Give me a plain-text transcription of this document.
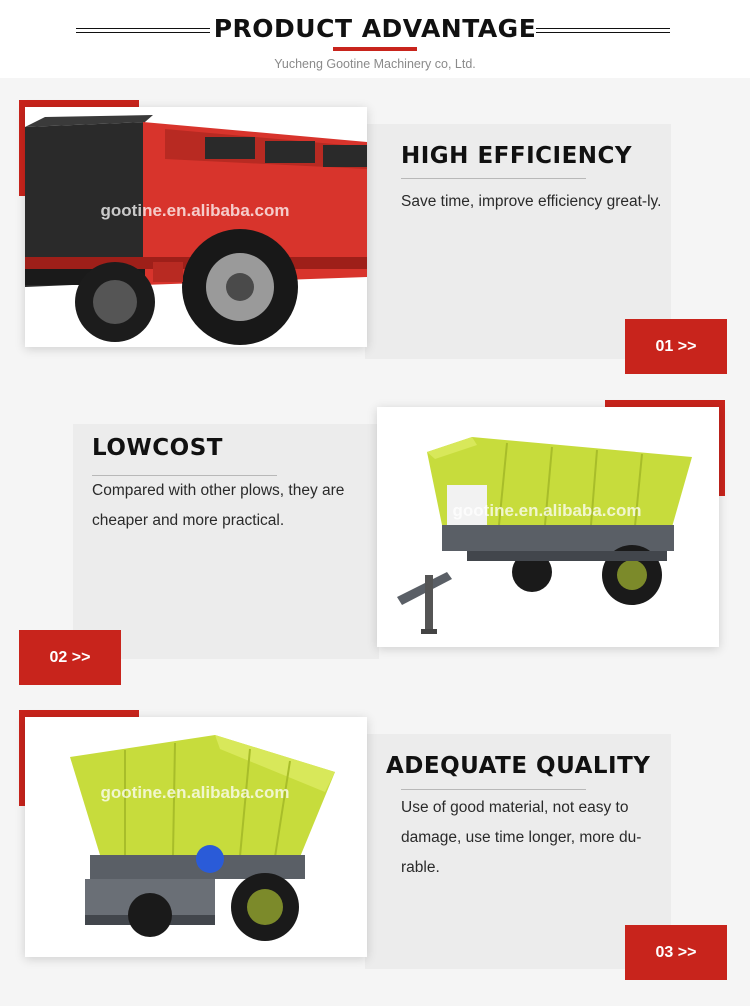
PRODUCT ADVANTAGE
Yucheng Gootine Machinery co, Ltd.
gootine.en.alibaba.com
HIGH EFFICIENCY
Save time, improve efficiency great-ly.
01 >>
gootine.en.alibaba.com
LOWCOST
Compared with other plows, they are cheaper and more practical.
02 >>
gootine.en.alibaba.com
ADEQUATE QUALITY
Use of good material, not easy to damage, use time longer, more du-rable.
03 >>
